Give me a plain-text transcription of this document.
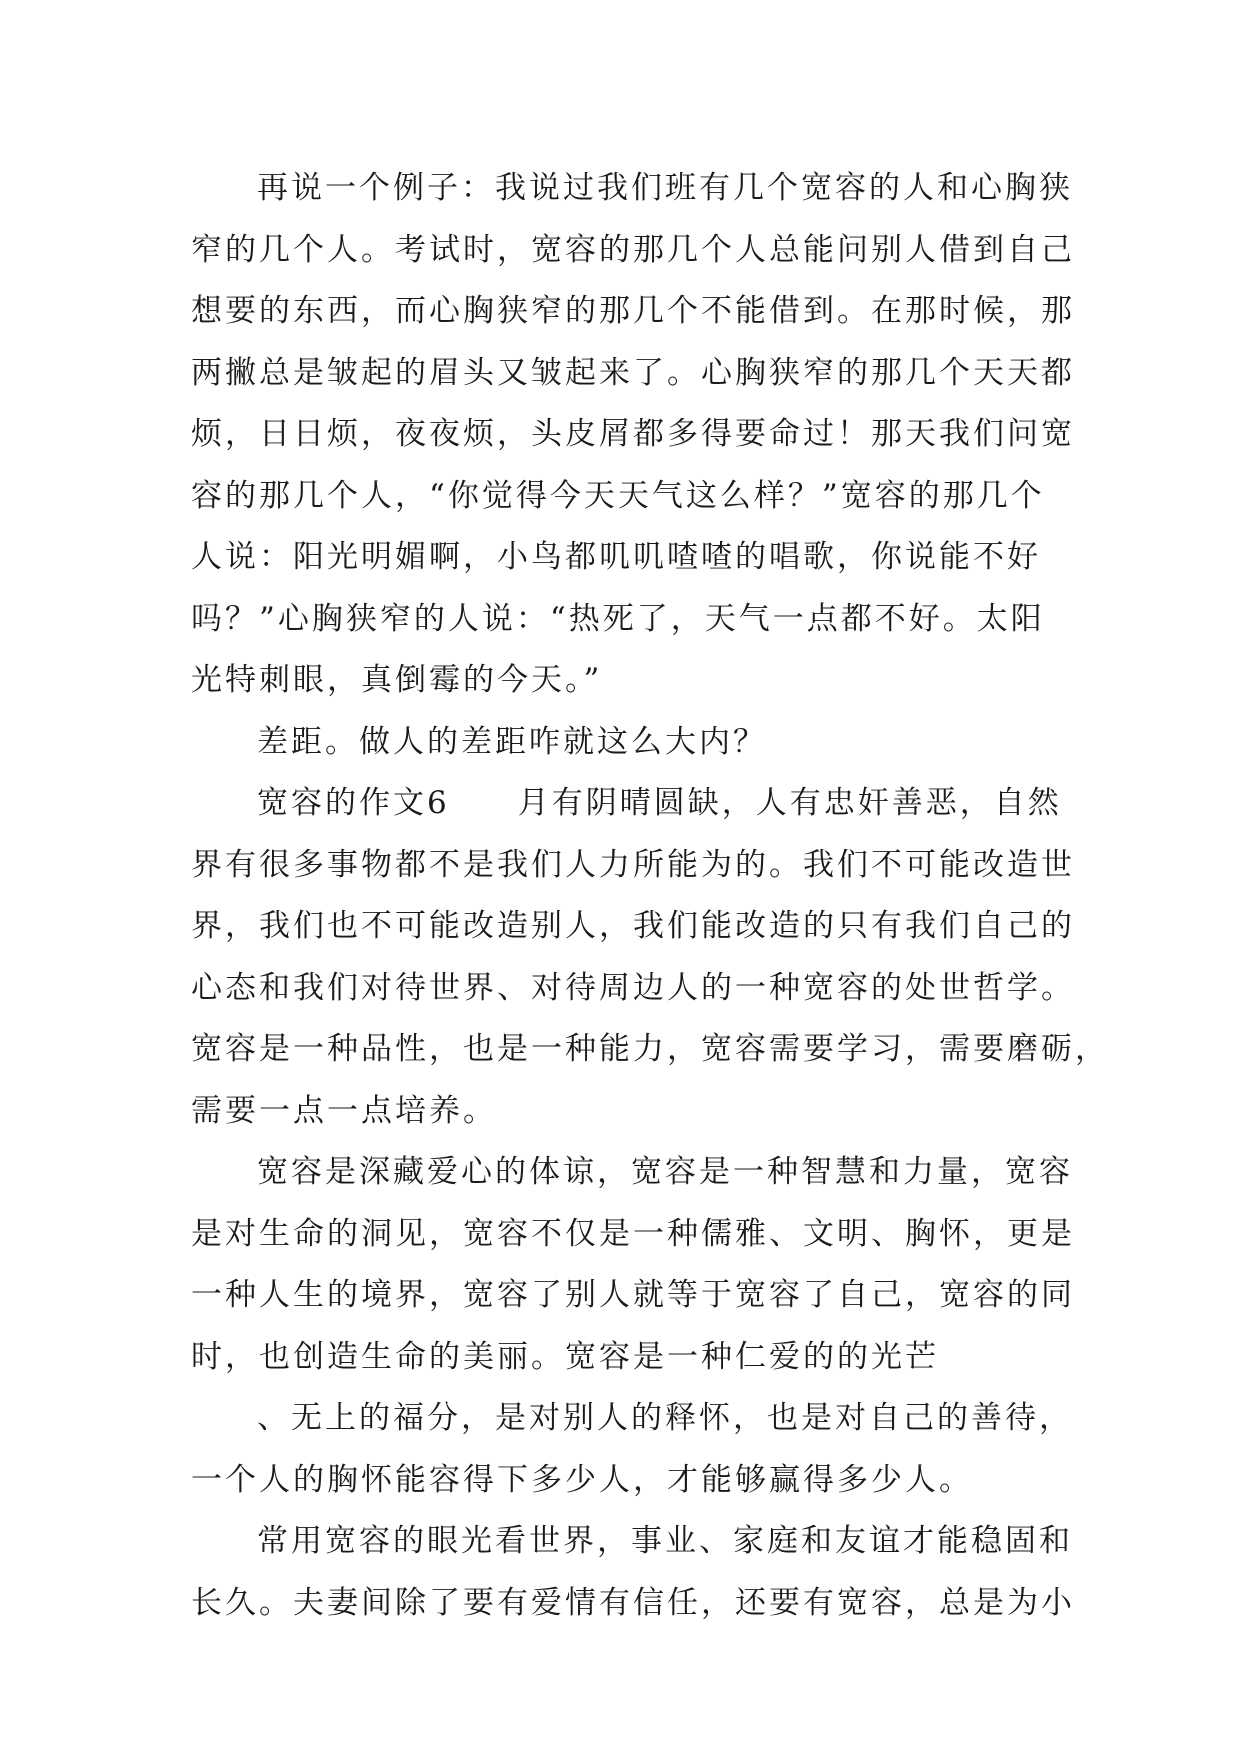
再说一个例子：我说过我们班有几个宽容的人和心胸狭
窄的几个人。考试时，宽容的那几个人总能问别人借到自己
想要的东西，而心胸狭窄的那几个不能借到。在那时候，那
两撇总是皱起的眉头又皱起来了。心胸狭窄的那几个天天都
烦，日日烦，夜夜烦，头皮屑都多得要命过！那天我们问宽
容的那几个人，“你觉得今天天气这么样？”宽容的那几个
人说：阳光明媚啊，小鸟都叽叽喳喳的唱歌，你说能不好
吗？”心胸狭窄的人说：“热死了，天气一点都不好。太阳
光特刺眼，真倒霉的今天。”
差距。做人的差距咋就这么大内？
宽容的作文6　　月有阴晴圆缺，人有忠奸善恶，自然
界有很多事物都不是我们人力所能为的。我们不可能改造世
界，我们也不可能改造别人，我们能改造的只有我们自己的
心态和我们对待世界、对待周边人的一种宽容的处世哲学。
宽容是一种品性，也是一种能力，宽容需要学习，需要磨砺，
需要一点一点培养。
宽容是深藏爱心的体谅，宽容是一种智慧和力量，宽容
是对生命的洞见，宽容不仅是一种儒雅、文明、胸怀，更是
一种人生的境界，宽容了别人就等于宽容了自己，宽容的同
时，也创造生命的美丽。宽容是一种仁爱的的光芒
、无上的福分，是对别人的释怀，也是对自己的善待，
一个人的胸怀能容得下多少人，才能够赢得多少人。
常用宽容的眼光看世界，事业、家庭和友谊才能稳固和
长久。夫妻间除了要有爱情有信任，还要有宽容，总是为小
